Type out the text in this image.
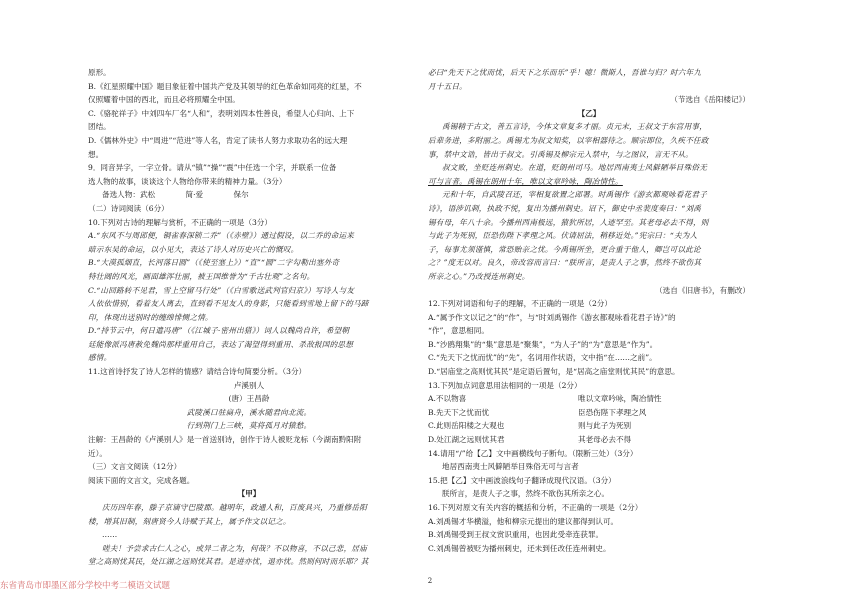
原形。
B.《红星照耀中国》题目象征着中国共产党及其领导的红色革命如同亮的红星，不
仅照耀着中国的西北，而且必将照耀全中国。
C.《骆驼祥子》中刘四车厂名“人和”，表明刘四本性善良，希望人心归向、上下
团结。
D.《儒林外史》中“周进”“范进”等人名，肯定了读书人努力求取功名的远大理
想。
9．同音异字，一字立骨。请从“镇”“操”“震”中任选一个字，并联系一位备
选人物的故事，谈谈这个人物给你带来的精神力量。（3分）
备选人物：武松　　　　简·爱　　　　保尔
（二）诗词阅读（6分）
10.下列对古诗的理解与赏析，不正确的一项是（3分）
A.“东风不与周郎便，铜雀春深锁二乔”（《赤壁》）通过假设，以二乔的命运来
暗示东吴的命运，以小见大，表达了诗人对历史兴亡的慨叹。
B.“大漠孤烟直，长河落日圆”（《使至塞上》）“直”“圆”二字勾勒出塞外奇
特壮阔的风光，画面雄浑壮丽，被王国维誉为“千古壮观”之名句。
C.“山回路转不见君，雪上空留马行处”（《白雪歌送武判官归京》）写诗人与友
人依依惜别，看着友人离去，直到看不见友人的身影，只能看到雪地上留下的马蹄
印，体现出送别时的缠绵悱恻之情。
D.“持节云中，何日遣冯唐”（《江城子·密州出猎》）词人以魏尚自许，希望朝
廷能像派冯唐赦免魏尚那样重用自己，表达了渴望得到重用、杀敌报国的思想
感情。
11.这首诗抒发了诗人怎样的情感？请结合诗句简要分析。（3分）
卢溪别人
(唐）王昌龄
武陵溪口驻扁舟，溪水随君向北流。
行到荆门上三峡，莫将孤月对猿愁。
注解：王昌龄的《卢溪别人》是一首送别诗，创作于诗人被贬龙标（今湖南黔阳附
近）。
（三）文言文阅读（12分）
阅读下面的文言文，完成各题。
【甲】
庆历四年春，滕子京谪守巴陵郡。越明年，政通人和，百废具兴，乃重修岳阳
楼，增其旧制，刻唐贤今人诗赋于其上，属予作文以记之。
……
嗟夫！予尝求古仁人之心，或异二者之为，何哉？不以物喜，不以己悲，居庙
堂之高则忧其民，处江湖之远则忧其君。是进亦忧，退亦忧。然则何时而乐耶？其
必曰“先天下之忧而忧，后天下之乐而乐”乎！噫！微斯人，吾谁与归？时六年九
月十五日。
（节选自《岳阳楼记》）
【乙】
禹锡精于古文，善五言诗，今体文章复多才丽。贞元末，王叔文于东宫用事，
后辈务进，多附丽之。禹锡尤为叔文知奖，以宰相器待之。顺宗即位，久疾不任政
事，禁中文诰，皆出于叔文。引禹锡及柳宗元入禁中，与之图议，言无不从。
叔文败，坐贬连州刺史。在道，贬朗州司马。地居西南夷士风僻陋举目殊俗无
可与言者。禹锡在朗州十年，唯以文章吟咏，陶冶情性。
元和十年，自武陵召还，宰相复欲置之郎署。时禹锡作《游玄都观咏看花君子
诗》，语涉讥刺，执政不悦，复出为播州刺史。诏下，御史中丞裴度奏曰：“刘禹
锡有母，年八十余。今播州西南极远，猿狖所居，人迹罕至。其老母必去不得，则
与此子为死别，臣恐伤陛下孝理之风。伏请屈法，稍移近处。”宪宗曰：“夫为人
子，每事尤须谨慎，常恐贻亲之忧。今禹锡所坐，更合重于他人，卿岂可以此论
之？”度无以对。良久，帝改容而言曰：“朕所言，是责人子之事，然终不欲伤其
所亲之心。”乃改授连州刺史。
（选自《旧唐书》，有删改）
12.下列对词语和句子的理解，不正确的一项是（2分）
A.“属予作文以记之”的“作”，与“时刘禹锡作《游玄都观咏看花君子诗》”的
“作”，意思相同。
B.“沙鸥翔集”的“集”意思是“聚集”，“为人子”的“为”意思是“作为”。
C.“先天下之忧而忧”的“先”，名词用作状语，文中指“在……之前”。
D.“居庙堂之高则忧其民”是定语后置句，是“居高之庙堂则忧其民”的意思。
13.下列加点词意思用法相同的一项是（2分）
A.不以物喜	唯以文章吟咏，陶冶情性
B.先天下之忧而忧	臣恐伤陛下孝理之风
C.此则岳阳楼之大观也	则与此子为死别
D.处江湖之远则忧其君	其老母必去不得
14.请用“/”给【乙】文中画横线句子断句。（限断三处）（3分）
地居西南夷士风僻陋举目殊俗无可与言者
15.把【乙】文中画波浪线句子翻译成现代汉语。（3分）
朕所言，是责人子之事，然终不欲伤其所亲之心。
16.下列对原文有关内容的概括和分析，不正确的一项是（2分）
A.刘禹锡才华横溢，他和柳宗元提出的建议都得到认可。
B.刘禹锡受到王叔文赏识重用，也因此受牵连获罪。
C.刘禹锡曾被贬为播州刺史，还未到任改任连州刺史。
2
东省青岛市即墨区部分学校中考二模语文试题
